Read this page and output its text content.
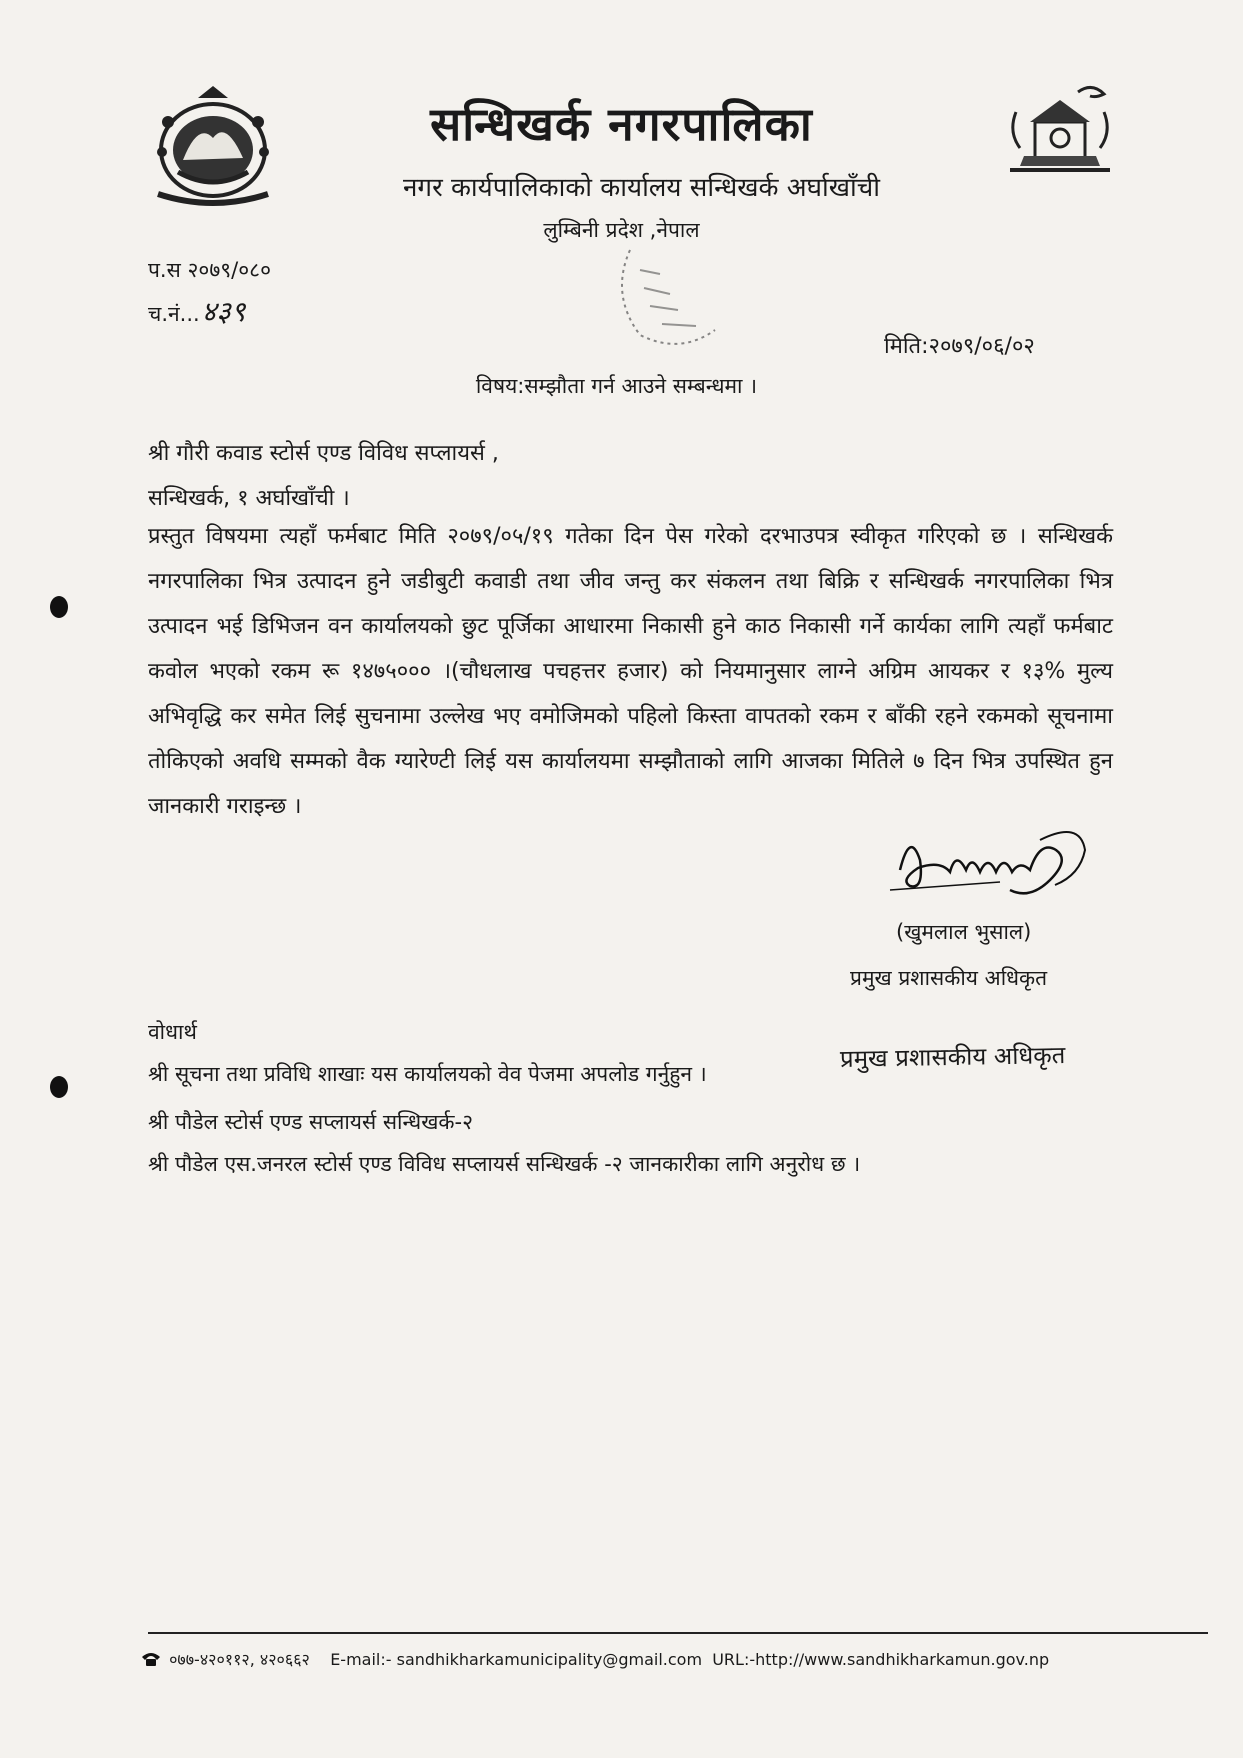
सन्धिखर्क नगरपालिका
नगर कार्यपालिकाको कार्यालय सन्धिखर्क अर्घाखाँची
लुम्बिनी प्रदेश ,नेपाल
प.स २०७९/०८०
च.नं...४३९
मिति:२०७९/०६/०२
विषय:सम्झौता गर्न आउने सम्बन्धमा ।
श्री गौरी कवाड स्टोर्स एण्ड विविध सप्लायर्स ,
सन्धिखर्क, १ अर्घाखाँची ।
प्रस्तुत विषयमा त्यहाँ फर्मबाट मिति २०७९/०५/१९ गतेका दिन पेस गरेको दरभाउपत्र स्वीकृत गरिएको छ । सन्धिखर्क नगरपालिका भित्र उत्पादन हुने जडीबुटी कवाडी तथा जीव जन्तु कर संकलन तथा बिक्रि र सन्धिखर्क नगरपालिका भित्र उत्पादन भई डिभिजन वन कार्यालयको छुट पूर्जिका आधारमा निकासी हुने काठ निकासी गर्ने कार्यका लागि त्यहाँ फर्मबाट कवोल भएको रकम रू १४७५००० ।(चौधलाख पचहत्तर हजार) को नियमानुसार लाग्ने अग्रिम आयकर र १३% मुल्य अभिवृद्धि कर समेत लिई सुचनामा उल्लेख भए वमोजिमको पहिलो किस्ता वापतको रकम र बाँकी रहने रकमको सूचनामा तोकिएको अवधि सम्मको वैक ग्यारेण्टी लिई यस कार्यालयमा सम्झौताको लागि आजका मितिले ७ दिन भित्र उपस्थित हुन जानकारी गराइन्छ ।
(खुमलाल भुसाल)
प्रमुख प्रशासकीय अधिकृत
वोधार्थ
श्री सूचना तथा प्रविधि शाखाः यस कार्यालयको वेव पेजमा अपलोड गर्नुहुन ।
प्रमुख प्रशासकीय अधिकृत
श्री पौडेल स्टोर्स एण्ड सप्लायर्स सन्धिखर्क-२
श्री पौडेल एस.जनरल स्टोर्स एण्ड विविध सप्लायर्स सन्धिखर्क -२ जानकारीका लागि अनुरोध छ ।
०७७-४२०११२, ४२०६६२ E-mail:- sandhikharkamunicipality@gmail.com URL:-http://www.sandhikharkamun.gov.np
